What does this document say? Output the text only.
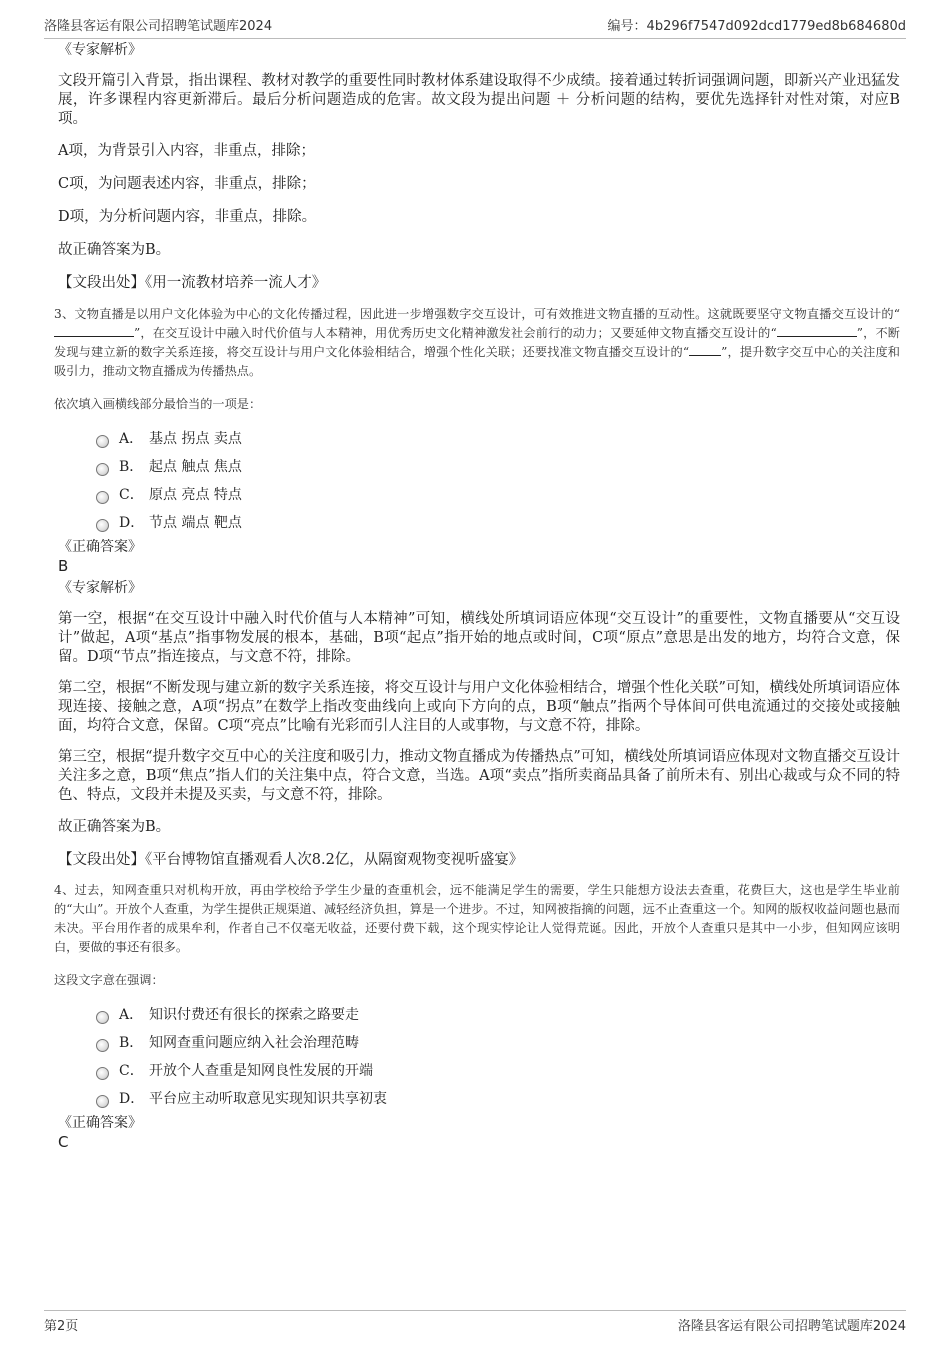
洛隆县客运有限公司招聘笔试题库2024	编号：4b296f7547d092dcd1779ed8b684680d
《专家解析》
文段开篇引入背景，指出课程、教材对教学的重要性同时教材体系建设取得不少成绩。接着通过转折词强调问题，即新兴产业迅猛发展，许多课程内容更新滞后。最后分析问题造成的危害。故文段为提出问题 ＋ 分析问题的结构，要优先选择针对性对策，对应B项。
A项，为背景引入内容，非重点，排除；
C项，为问题表述内容，非重点，排除；
D项，为分析问题内容，非重点，排除。
故正确答案为B。
【文段出处】《用一流教材培养一流人才》
3、文物直播是以用户文化体验为中心的文化传播过程，因此进一步增强数字交互设计，可有效推进文物直播的互动性。这就既要坚守文物直播交互设计的“”，在交互设计中融入时代价值与人本精神，用优秀历史文化精神激发社会前行的动力；又要延伸文物直播交互设计的“	”，不断发现与建立新的数字关系连接，将交互设计与用户文化体验相结合，增强个性化关联；还要找准文物直播交互设计的“	”，提升数字交互中心的关注度和吸引力，推动文物直播成为传播热点。
依次填入画横线部分最恰当的一项是：
A． 基点 拐点 卖点
B． 起点 触点 焦点
C． 原点 亮点 特点
D． 节点 端点 靶点
《正确答案》
B
《专家解析》
第一空，根据“在交互设计中融入时代价值与人本精神”可知，横线处所填词语应体现“交互设计”的重要性，文物直播要从“交互设计”做起，A项“基点”指事物发展的根本，基础，B项“起点”指开始的地点或时间，C项“原点”意思是出发的地方，均符合文意，保留。D项“节点”指连接点，与文意不符，排除。
第二空，根据“不断发现与建立新的数字关系连接，将交互设计与用户文化体验相结合，增强个性化关联”可知，横线处所填词语应体现连接、接触之意，A项“拐点”在数学上指改变曲线向上或向下方向的点，B项“触点”指两个导体间可供电流通过的交接处或接触面，均符合文意，保留。C项“亮点”比喻有光彩而引人注目的人或事物，与文意不符，排除。
第三空，根据“提升数字交互中心的关注度和吸引力，推动文物直播成为传播热点”可知，横线处所填词语应体现对文物直播交互设计关注多之意，B项“焦点”指人们的关注集中点，符合文意，当选。A项“卖点”指所卖商品具备了前所未有、别出心裁或与众不同的特色、特点，文段并未提及买卖，与文意不符，排除。
故正确答案为B。
【文段出处】《平台博物馆直播观看人次8.2亿，从隔窗观物变视听盛宴》
4、过去，知网查重只对机构开放，再由学校给予学生少量的查重机会，远不能满足学生的需要，学生只能想方设法去查重，花费巨大，这也是学生毕业前的“大山”。开放个人查重，为学生提供正规渠道、减轻经济负担，算是一个进步。不过，知网被指摘的问题，远不止查重这一个。知网的版权收益问题也悬而未决。平台用作者的成果牟利，作者自己不仅毫无收益，还要付费下载，这个现实悖论让人觉得荒诞。因此，开放个人查重只是其中一小步，但知网应该明白，要做的事还有很多。
这段文字意在强调：
A． 知识付费还有很长的探索之路要走
B． 知网查重问题应纳入社会治理范畴
C． 开放个人查重是知网良性发展的开端
D． 平台应主动听取意见实现知识共享初衷
《正确答案》
C
第2页	洛隆县客运有限公司招聘笔试题库2024
